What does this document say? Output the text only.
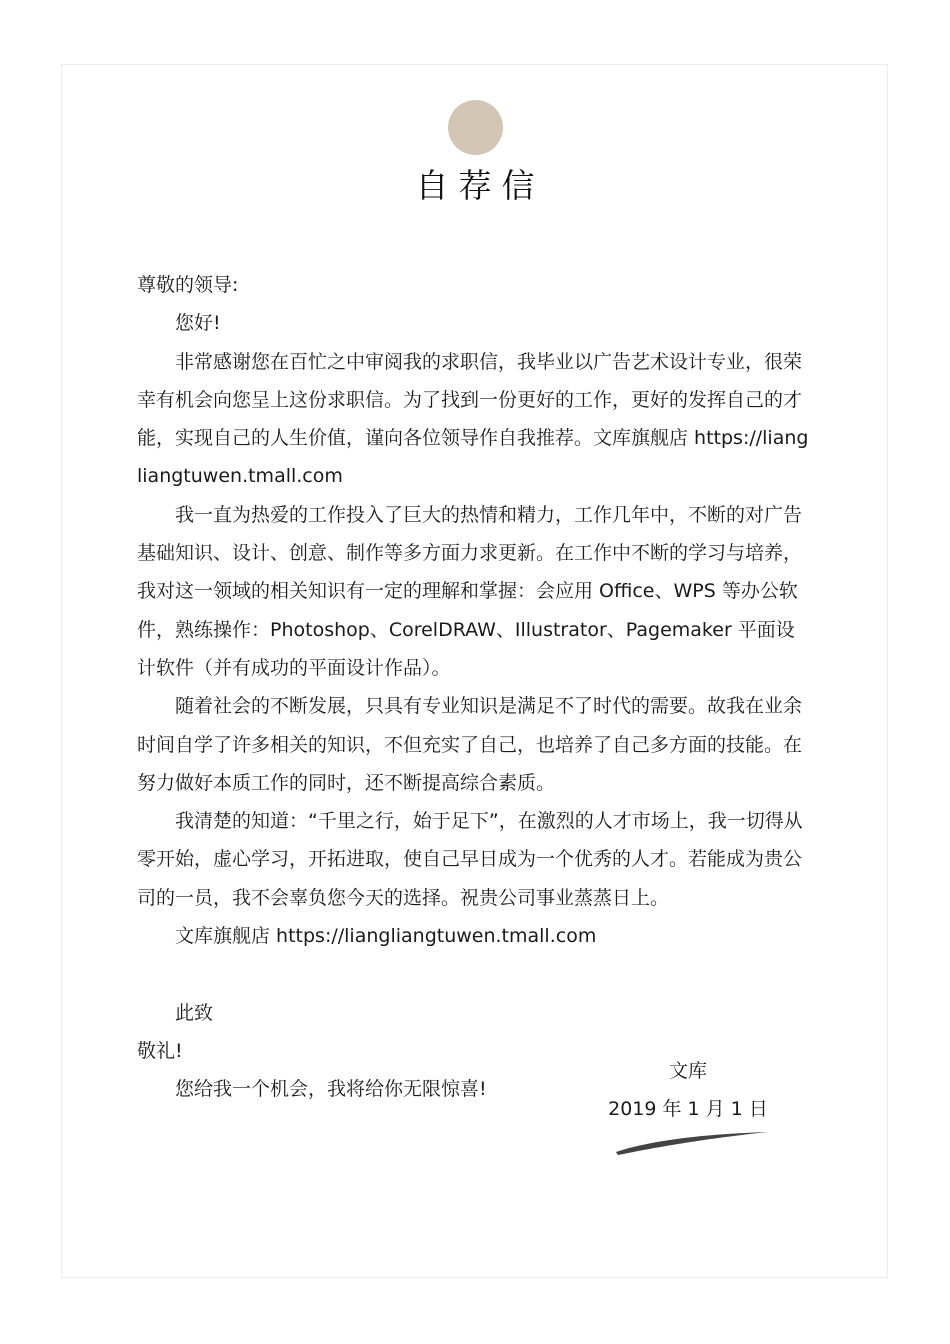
自荐信

尊敬的领导:

您好!

非常感谢您在百忙之中审阅我的求职信，我毕业以广告艺术设计专业，很荣幸有机会向您呈上这份求职信。为了找到一份更好的工作，更好的发挥自己的才能，实现自己的人生价值，谨向各位领导作自我推荐。文库旗舰店 https://liangliangtuwen.tmall.com

我一直为热爱的工作投入了巨大的热情和精力，工作几年中，不断的对广告基础知识、设计、创意、制作等多方面力求更新。在工作中不断的学习与培养，我对这一领域的相关知识有一定的理解和掌握：会应用 Office、WPS 等办公软件，熟练操作：Photoshop、CorelDRAW、Illustrator、Pagemaker 平面设计软件（并有成功的平面设计作品）。

随着社会的不断发展，只具有专业知识是满足不了时代的需要。故我在业余时间自学了许多相关的知识，不但充实了自己，也培养了自己多方面的技能。在努力做好本质工作的同时，还不断提高综合素质。

我清楚的知道：“千里之行，始于足下”，在激烈的人才市场上，我一切得从零开始，虚心学习，开拓进取，使自己早日成为一个优秀的人才。若能成为贵公司的一员，我不会辜负您今天的选择。祝贵公司事业蒸蒸日上。

文库旗舰店 https://liangliangtuwen.tmall.com

此致

敬礼!

您给我一个机会，我将给你无限惊喜!

文库
2019 年 1 月 1 日
